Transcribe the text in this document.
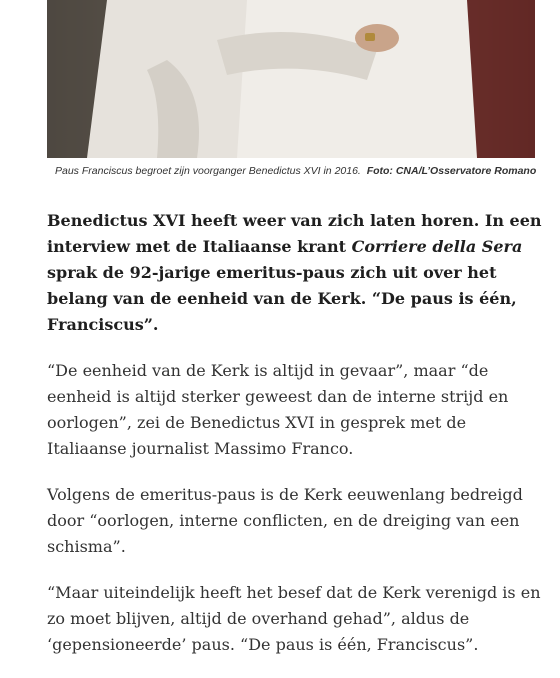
Paus Franciscus begroet zijn voorganger Benedictus XVI in 2016. Foto: CNA/L’Osservatore Romano

Benedictus XVI heeft weer van zich laten horen. In een interview met de Italiaanse krant Corriere della Sera sprak de 92-jarige emeritus-paus zich uit over het belang van de eenheid van de Kerk. “De paus is één, Franciscus”.

“De eenheid van de Kerk is altijd in gevaar”, maar “de eenheid is altijd sterker geweest dan de interne strijd en oorlogen”, zei de Benedictus XVI in gesprek met de Italiaanse journalist Massimo Franco.

Volgens de emeritus-paus is de Kerk eeuwenlang bedreigd door “oorlogen, interne conflicten, en de dreiging van een schisma”.

“Maar uiteindelijk heeft het besef dat de Kerk verenigd is en zo moet blijven, altijd de overhand gehad”, aldus de ‘gepensioneerde’ paus. “De paus is één, Franciscus”.
